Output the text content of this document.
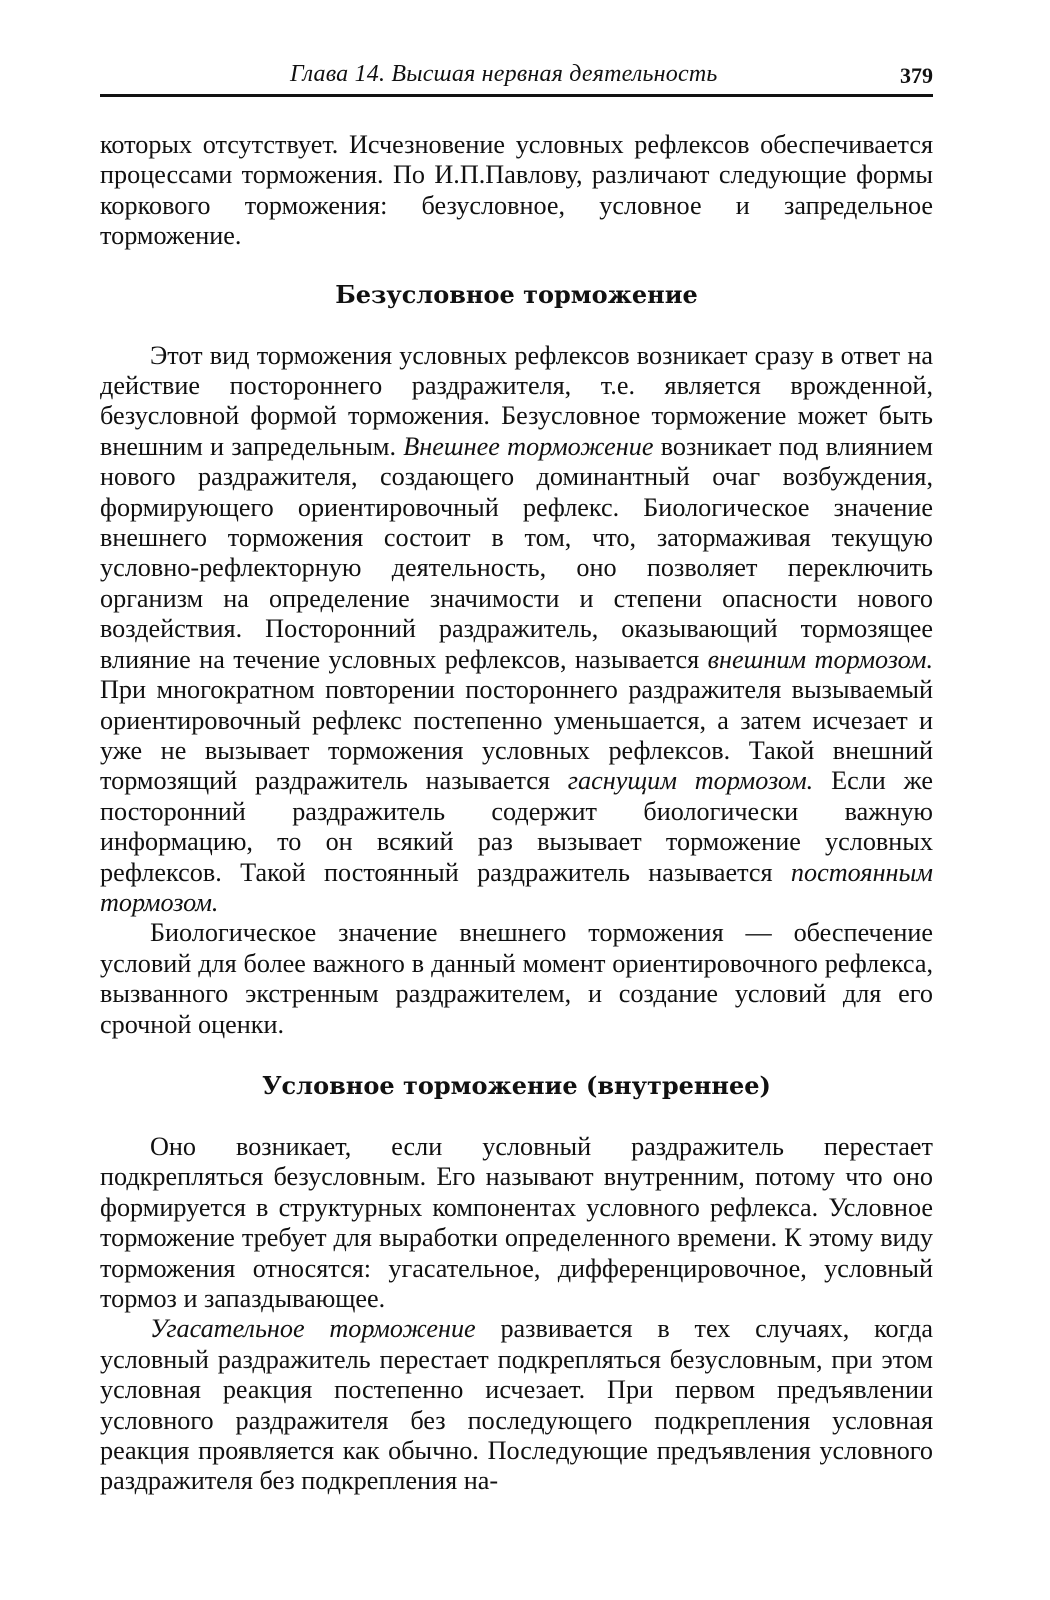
Глава 14. Высшая нервная деятельность	379

которых отсутствует. Исчезновение условных рефлексов обеспечивается процессами торможения. По И.П.Павлову, различают следующие формы коркового торможения: безусловное, условное и запредельное торможение.

Безусловное торможение

Этот вид торможения условных рефлексов возникает сразу в ответ на действие постороннего раздражителя, т.е. является врожденной, безусловной формой торможения. Безусловное торможение может быть внешним и запредельным. Внешнее торможение возникает под влиянием нового раздражителя, создающего доминантный очаг возбуждения, формирующего ориентировочный рефлекс. Биологическое значение внешнего торможения состоит в том, что, затормаживая текущую условно-рефлекторную деятельность, оно позволяет переключить организм на определение значимости и степени опасности нового воздействия. Посторонний раздражитель, оказывающий тормозящее влияние на течение условных рефлексов, называется внешним тормозом. При многократном повторении постороннего раздражителя вызываемый ориентировочный рефлекс постепенно уменьшается, а затем исчезает и уже не вызывает торможения условных рефлексов. Такой внешний тормозящий раздражитель называется гаснущим тормозом. Если же посторонний раздражитель содержит биологически важную информацию, то он всякий раз вызывает торможение условных рефлексов. Такой постоянный раздражитель называется постоянным тормозом.

Биологическое значение внешнего торможения — обеспечение условий для более важного в данный момент ориентировочного рефлекса, вызванного экстренным раздражителем, и создание условий для его срочной оценки.

Условное торможение (внутреннее)

Оно возникает, если условный раздражитель перестает подкрепляться безусловным. Его называют внутренним, потому что оно формируется в структурных компонентах условного рефлекса. Условное торможение требует для выработки определенного времени. К этому виду торможения относятся: угасательное, дифференцировочное, условный тормоз и запаздывающее.

Угасательное торможение развивается в тех случаях, когда условный раздражитель перестает подкрепляться безусловным, при этом условная реакция постепенно исчезает. При первом предъявлении условного раздражителя без последующего подкрепления условная реакция проявляется как обычно. Последующие предъявления условного раздражителя без подкрепления на-
